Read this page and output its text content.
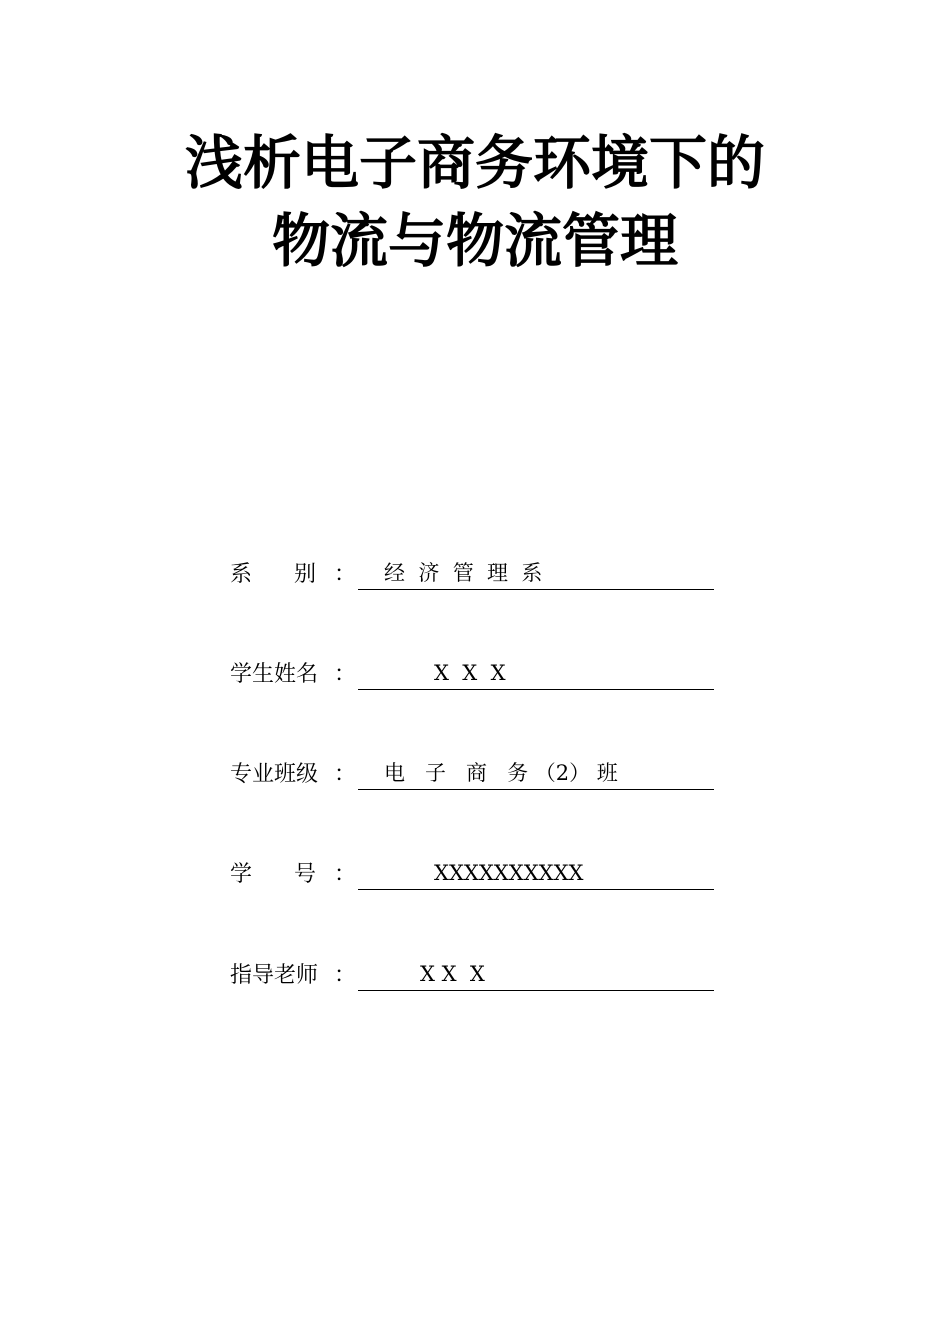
浅析电子商务环境下的
物流与物流管理
系      别 ： 经  济  管  理  系
学生姓名 ：	X  X  X
专业班级 ： 电   子   商   务 （2） 班
学      号 ：	XXXXXXXXXX
指导老师 ：	X X  X
